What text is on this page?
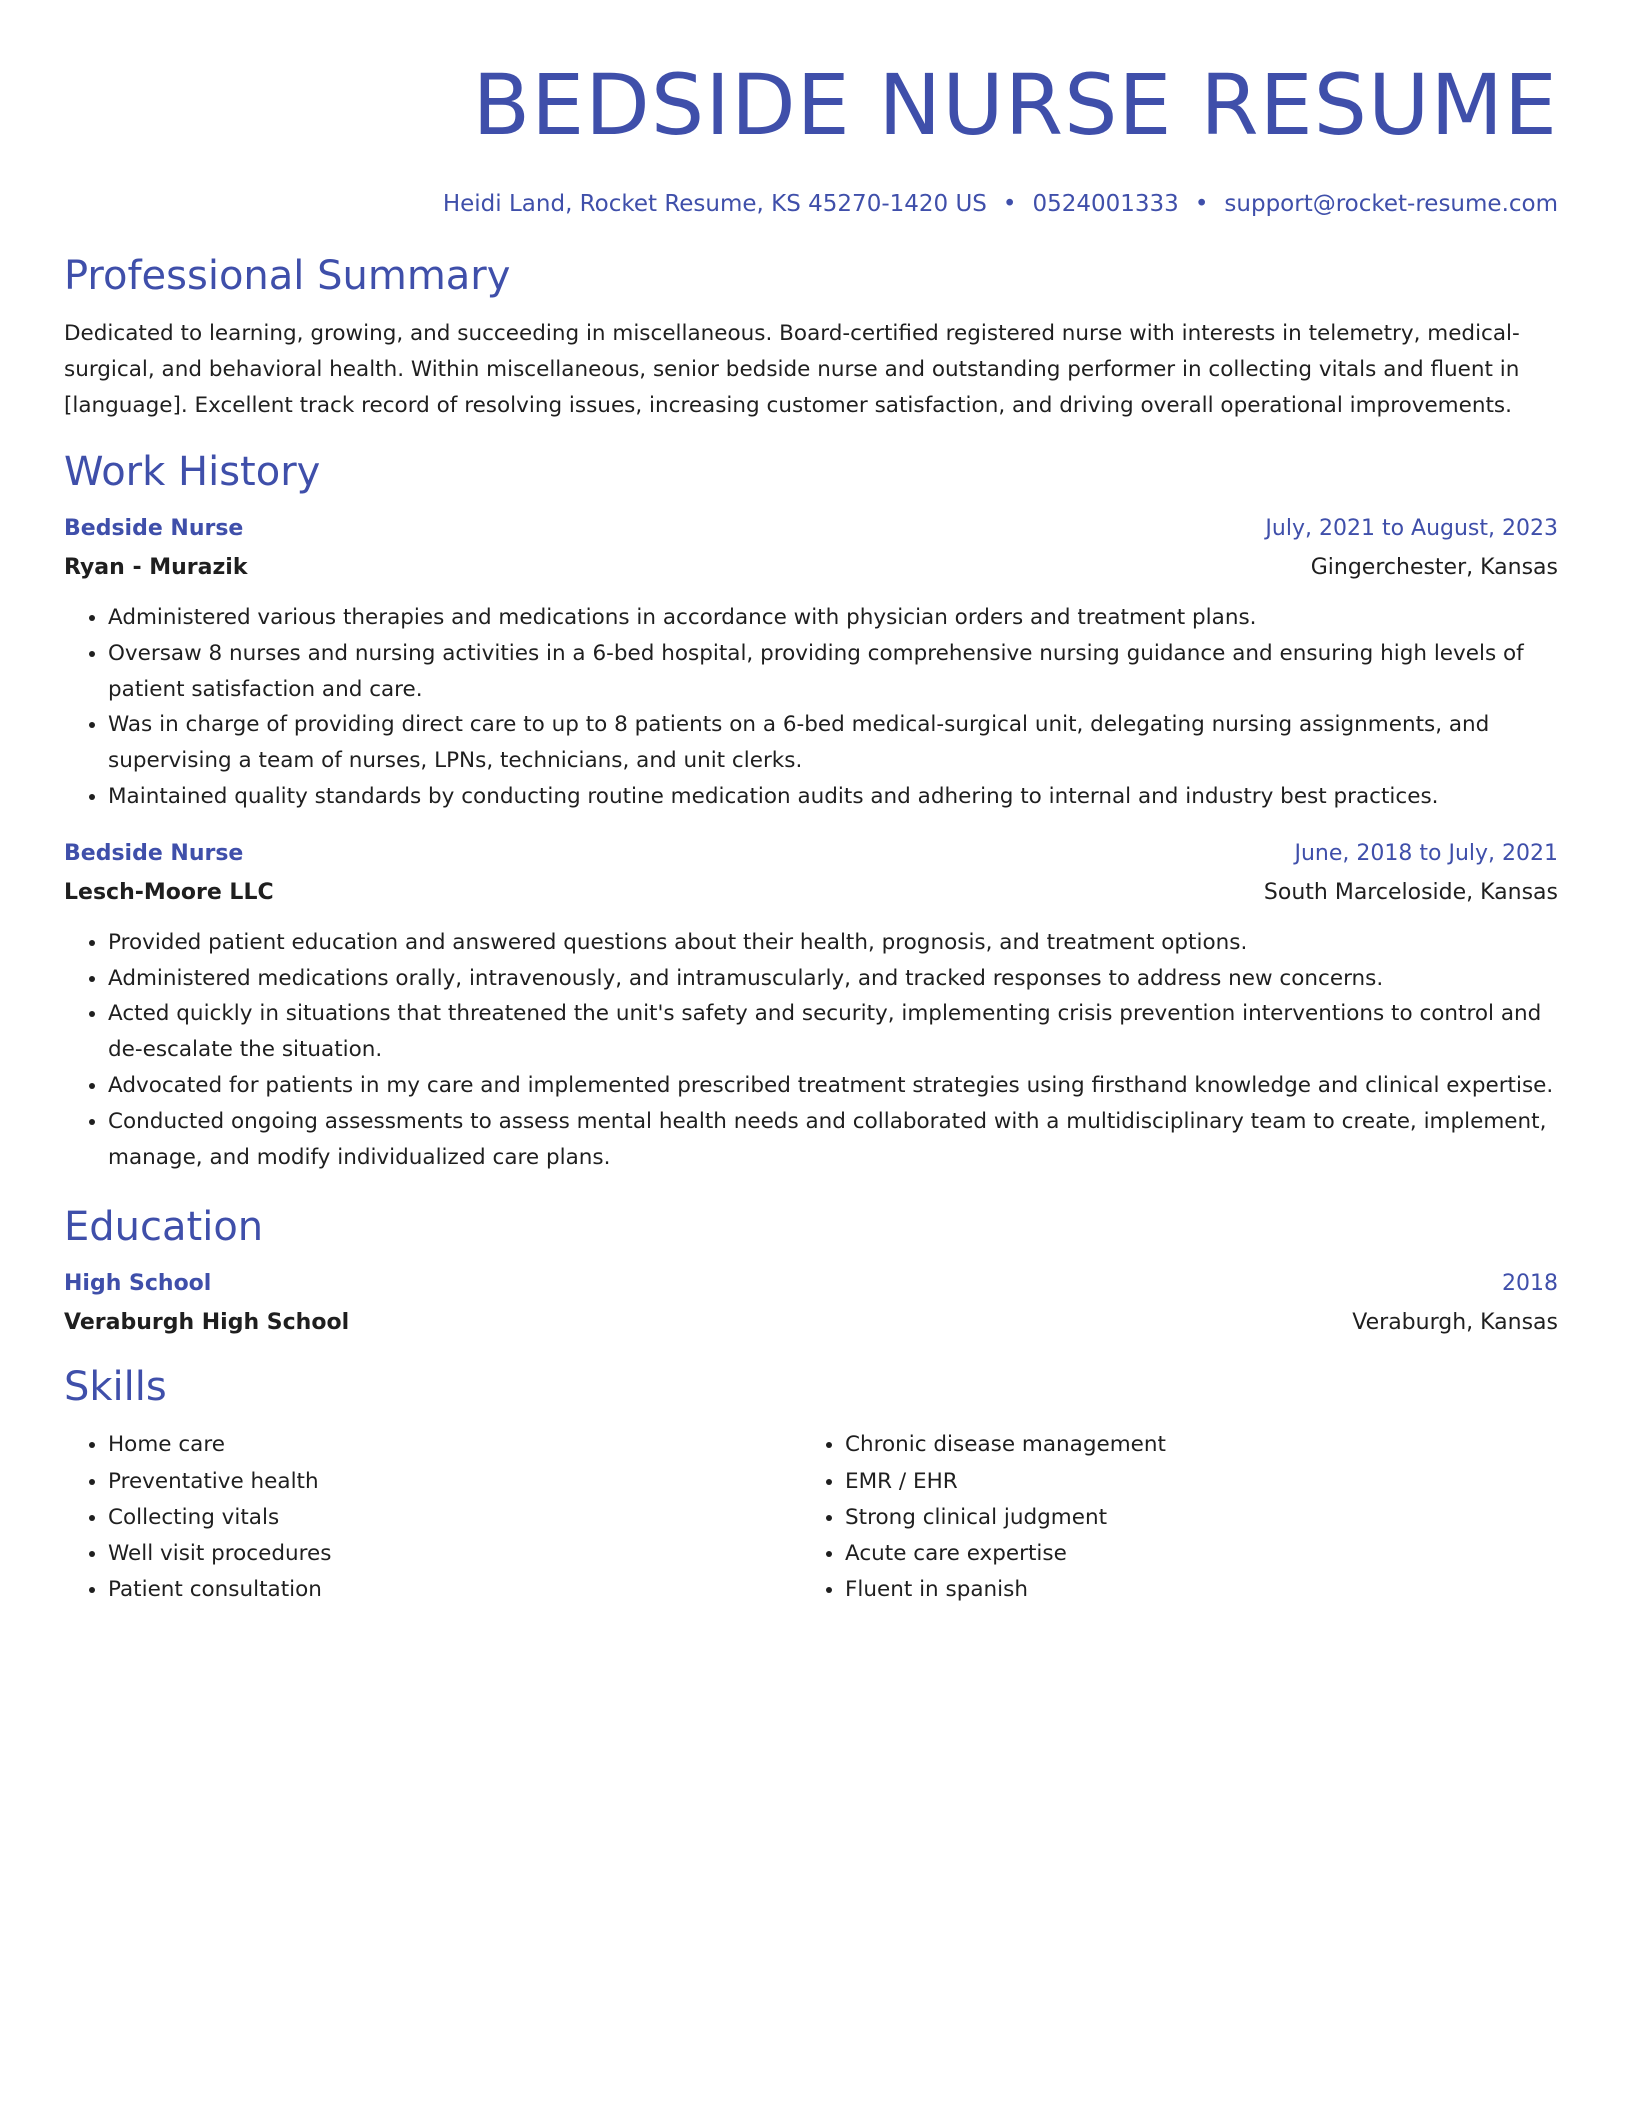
BEDSIDE NURSE RESUME
Heidi Land, Rocket Resume, KS 45270-1420 US • 0524001333 • support@rocket-resume.com
Professional Summary
Dedicated to learning, growing, and succeeding in miscellaneous. Board-certified registered nurse with interests in telemetry, medical-surgical, and behavioral health. Within miscellaneous, senior bedside nurse and outstanding performer in collecting vitals and fluent in [language]. Excellent track record of resolving issues, increasing customer satisfaction, and driving overall operational improvements.
Work History
Bedside Nurse	July, 2021 to August, 2023
Ryan - Murazik	Gingerchester, Kansas
• Administered various therapies and medications in accordance with physician orders and treatment plans.
• Oversaw 8 nurses and nursing activities in a 6-bed hospital, providing comprehensive nursing guidance and ensuring high levels of patient satisfaction and care.
• Was in charge of providing direct care to up to 8 patients on a 6-bed medical-surgical unit, delegating nursing assignments, and supervising a team of nurses, LPNs, technicians, and unit clerks.
• Maintained quality standards by conducting routine medication audits and adhering to internal and industry best practices.
Bedside Nurse	June, 2018 to July, 2021
Lesch-Moore LLC	South Marceloside, Kansas
• Provided patient education and answered questions about their health, prognosis, and treatment options.
• Administered medications orally, intravenously, and intramuscularly, and tracked responses to address new concerns.
• Acted quickly in situations that threatened the unit's safety and security, implementing crisis prevention interventions to control and de-escalate the situation.
• Advocated for patients in my care and implemented prescribed treatment strategies using firsthand knowledge and clinical expertise.
• Conducted ongoing assessments to assess mental health needs and collaborated with a multidisciplinary team to create, implement, manage, and modify individualized care plans.
Education
High School	2018
Veraburgh High School	Veraburgh, Kansas
Skills
• Home care
• Preventative health
• Collecting vitals
• Well visit procedures
• Patient consultation
• Chronic disease management
• EMR / EHR
• Strong clinical judgment
• Acute care expertise
• Fluent in spanish
